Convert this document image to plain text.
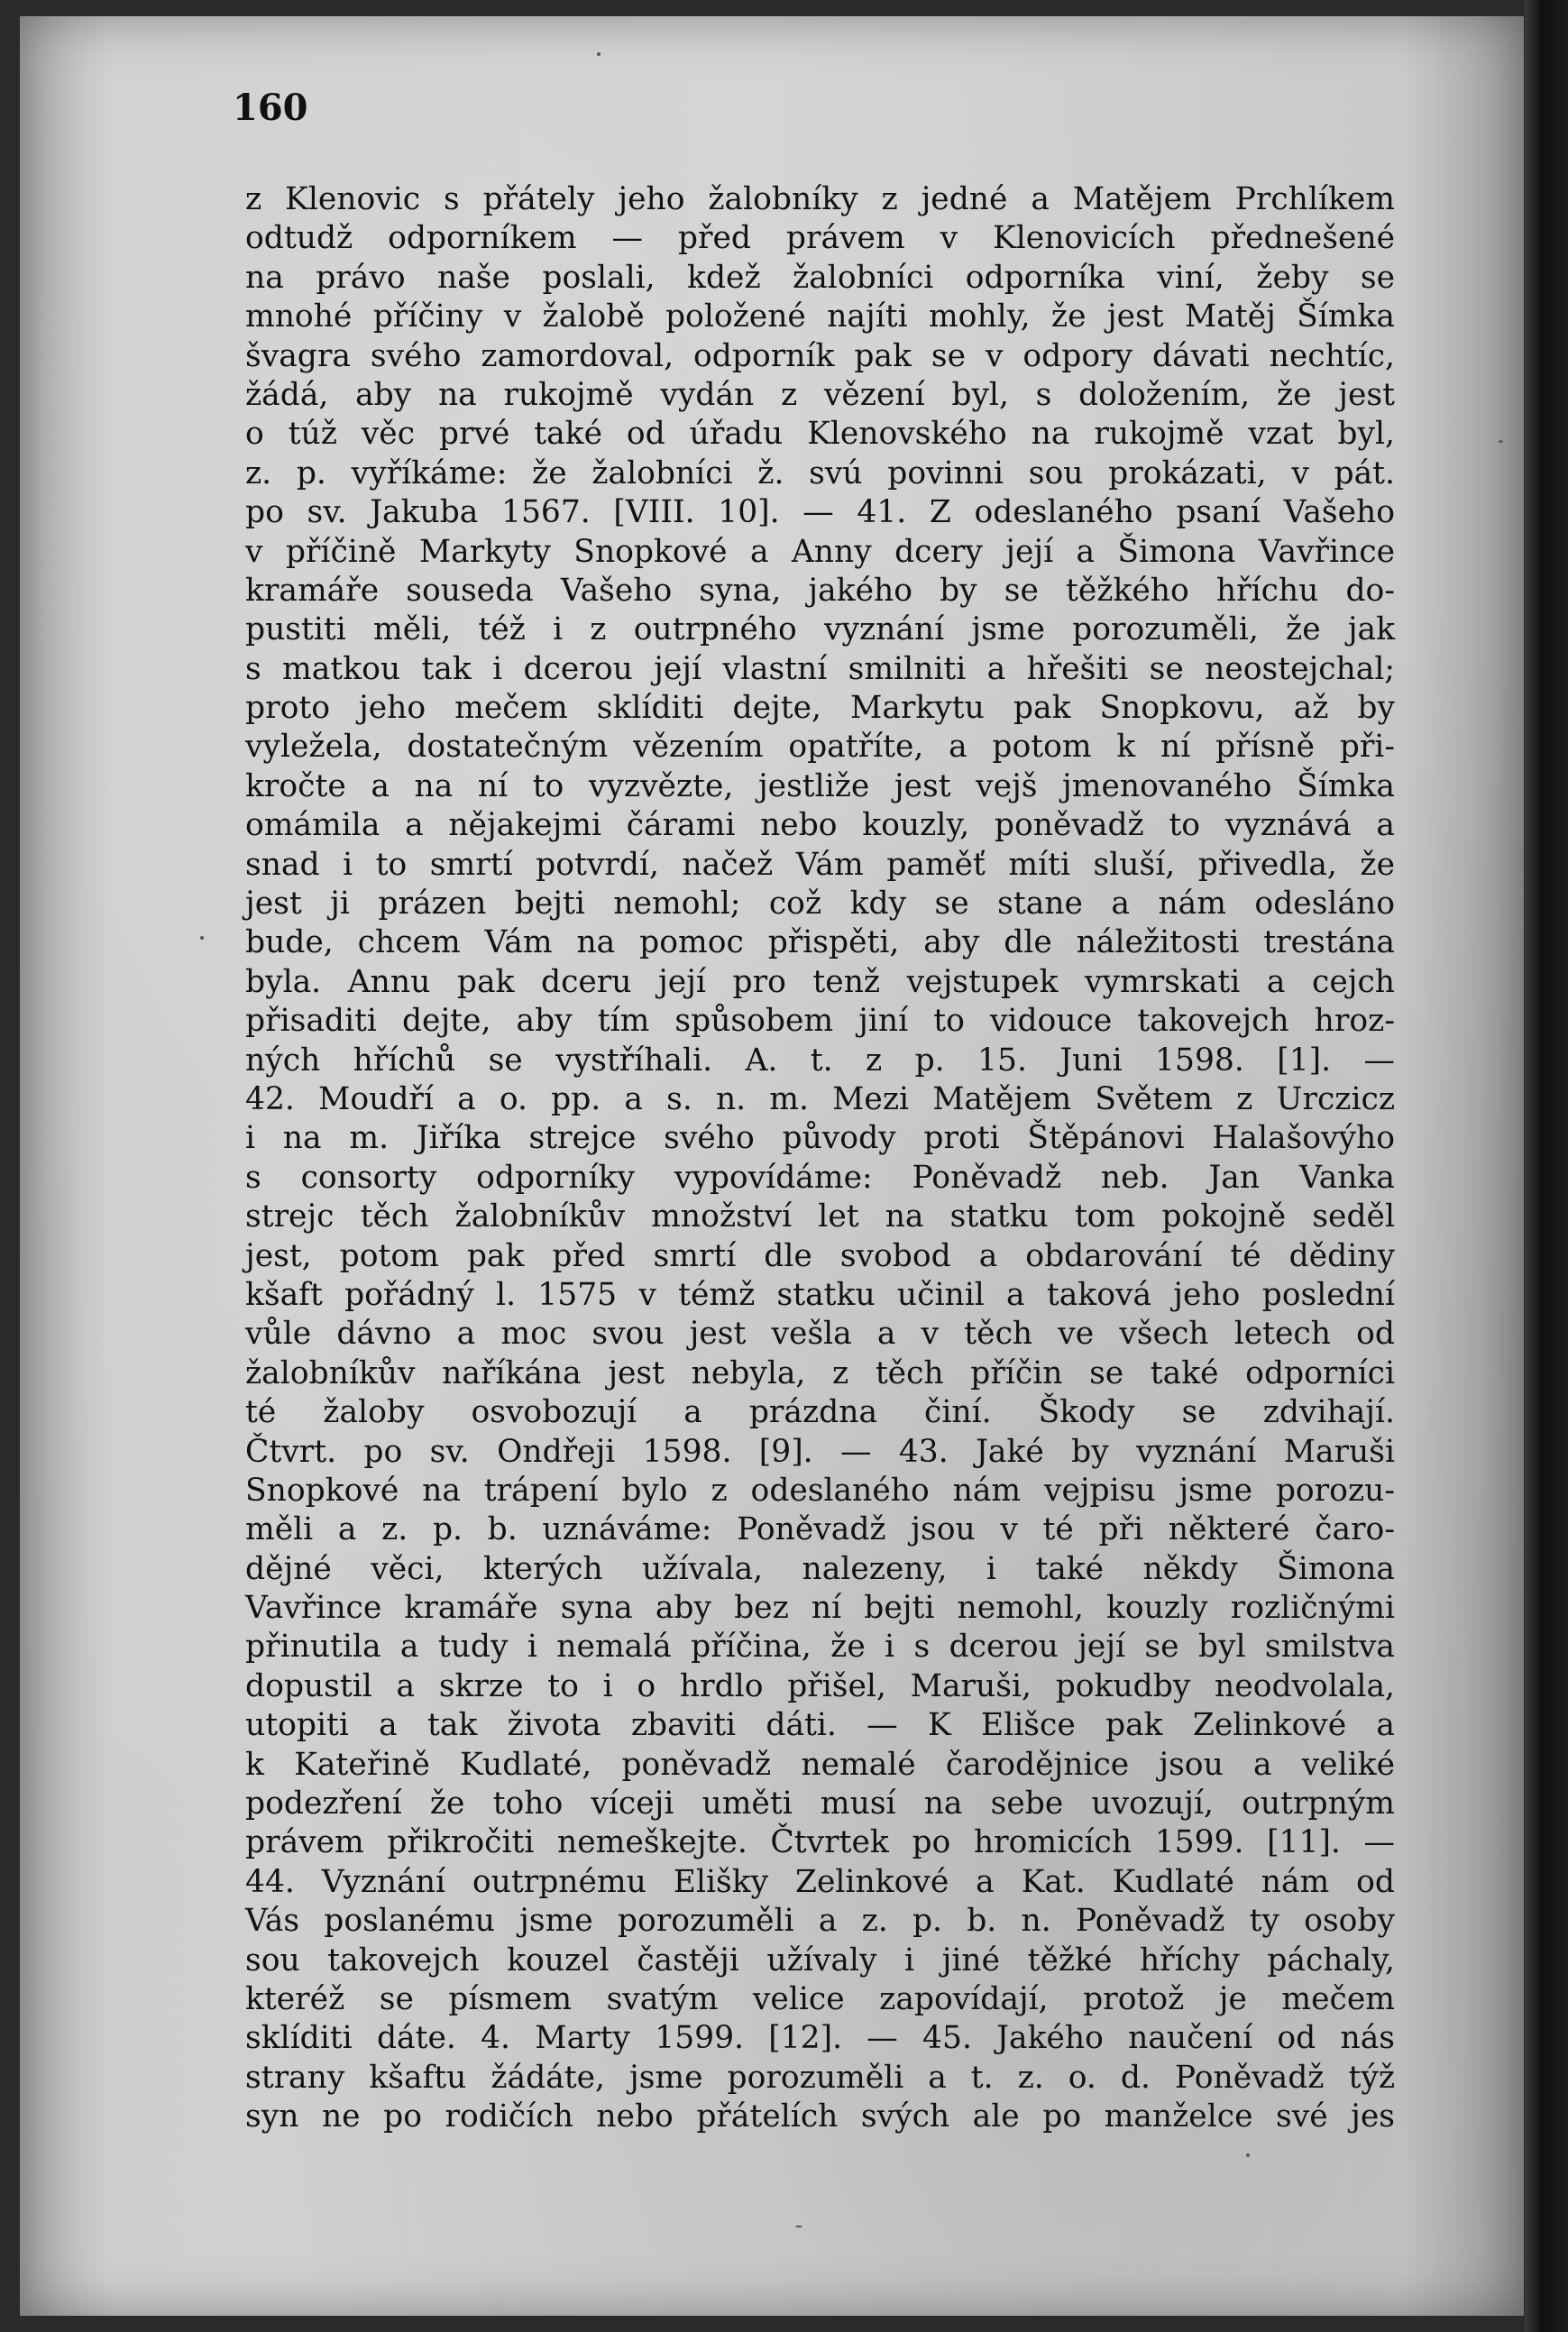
160

z Klenovic s přátely jeho žalobníky z jedné a Matějem Prchlíkem
odtudž odporníkem — před právem v Klenovicích přednešené
na právo naše poslali, kdež žalobníci odporníka viní, žeby se
mnohé příčiny v žalobě položené najíti mohly, že jest Matěj Šímka
švagra svého zamordoval, odporník pak se v odpory dávati nechtíc,
žádá, aby na rukojmě vydán z vězení byl, s doložením, že jest
o túž věc prvé také od úřadu Klenovského na rukojmě vzat byl,
z. p. vyříkáme: že žalobníci ž. svú povinni sou prokázati, v pát.
po sv. Jakuba 1567. [VIII. 10]. — 41. Z odeslaného psaní Vašeho
v příčině Markyty Snopkové a Anny dcery její a Šimona Vavřince
kramáře souseda Vašeho syna, jakého by se těžkého hříchu do-
pustiti měli, též i z outrpného vyznání jsme porozuměli, že jak
s matkou tak i dcerou její vlastní smilniti a hřešiti se neostejchal;
proto jeho mečem sklíditi dejte, Markytu pak Snopkovu, až by
vyležela, dostatečným vězením opatříte, a potom k ní přísně při-
kročte a na ní to vyzvězte, jestliže jest vejš jmenovaného Šímka
omámila a nějakejmi čárami nebo kouzly, poněvadž to vyznává a
snad i to smrtí potvrdí, načež Vám paměť míti sluší, přivedla, že
jest ji prázen bejti nemohl; což kdy se stane a nám odesláno
bude, chcem Vám na pomoc přispěti, aby dle náležitosti trestána
byla. Annu pak dceru její pro tenž vejstupek vymrskati a cejch
přisaditi dejte, aby tím spůsobem jiní to vidouce takovejch hroz-
ných hříchů se vystříhali. A. t. z p. 15. Juni 1598. [1]. —
42. Moudří a o. pp. a s. n. m. Mezi Matějem Světem z Urczicz
i na m. Jiříka strejce svého původy proti Štěpánovi Halašovýho
s consorty odporníky vypovídáme: Poněvadž neb. Jan Vanka
strejc těch žalobníkův množství let na statku tom pokojně seděl
jest, potom pak před smrtí dle svobod a obdarování té dědiny
kšaft pořádný l. 1575 v témž statku učinil a taková jeho poslední
vůle dávno a moc svou jest vešla a v těch ve všech letech od
žalobníkův naříkána jest nebyla, z těch příčin se také odporníci
té žaloby osvobozují a prázdna činí. Škody se zdvihají.
Čtvrt. po sv. Ondřeji 1598. [9]. — 43. Jaké by vyznání Maruši
Snopkové na trápení bylo z odeslaného nám vejpisu jsme porozu-
měli a z. p. b. uznáváme: Poněvadž jsou v té při některé čaro-
dějné věci, kterých užívala, nalezeny, i také někdy Šimona
Vavřince kramáře syna aby bez ní bejti nemohl, kouzly rozličnými
přinutila a tudy i nemalá příčina, že i s dcerou její se byl smilstva
dopustil a skrze to i o hrdlo přišel, Maruši, pokudby neodvolala,
utopiti a tak života zbaviti dáti. — K Elišce pak Zelinkové a
k Kateřině Kudlaté, poněvadž nemalé čarodějnice jsou a veliké
podezření že toho víceji uměti musí na sebe uvozují, outrpným
právem přikročiti nemeškejte. Čtvrtek po hromicích 1599. [11]. —
44. Vyznání outrpnému Elišky Zelinkové a Kat. Kudlaté nám od
Vás poslanému jsme porozuměli a z. p. b. n. Poněvadž ty osoby
sou takovejch kouzel častěji užívaly i jiné těžké hříchy páchaly,
kteréž se písmem svatým velice zapovídají, protož je mečem
sklíditi dáte. 4. Marty 1599. [12]. — 45. Jakého naučení od nás
strany kšaftu žádáte, jsme porozuměli a t. z. o. d. Poněvadž týž
syn ne po rodičích nebo přátelích svých ale po manželce své jes
